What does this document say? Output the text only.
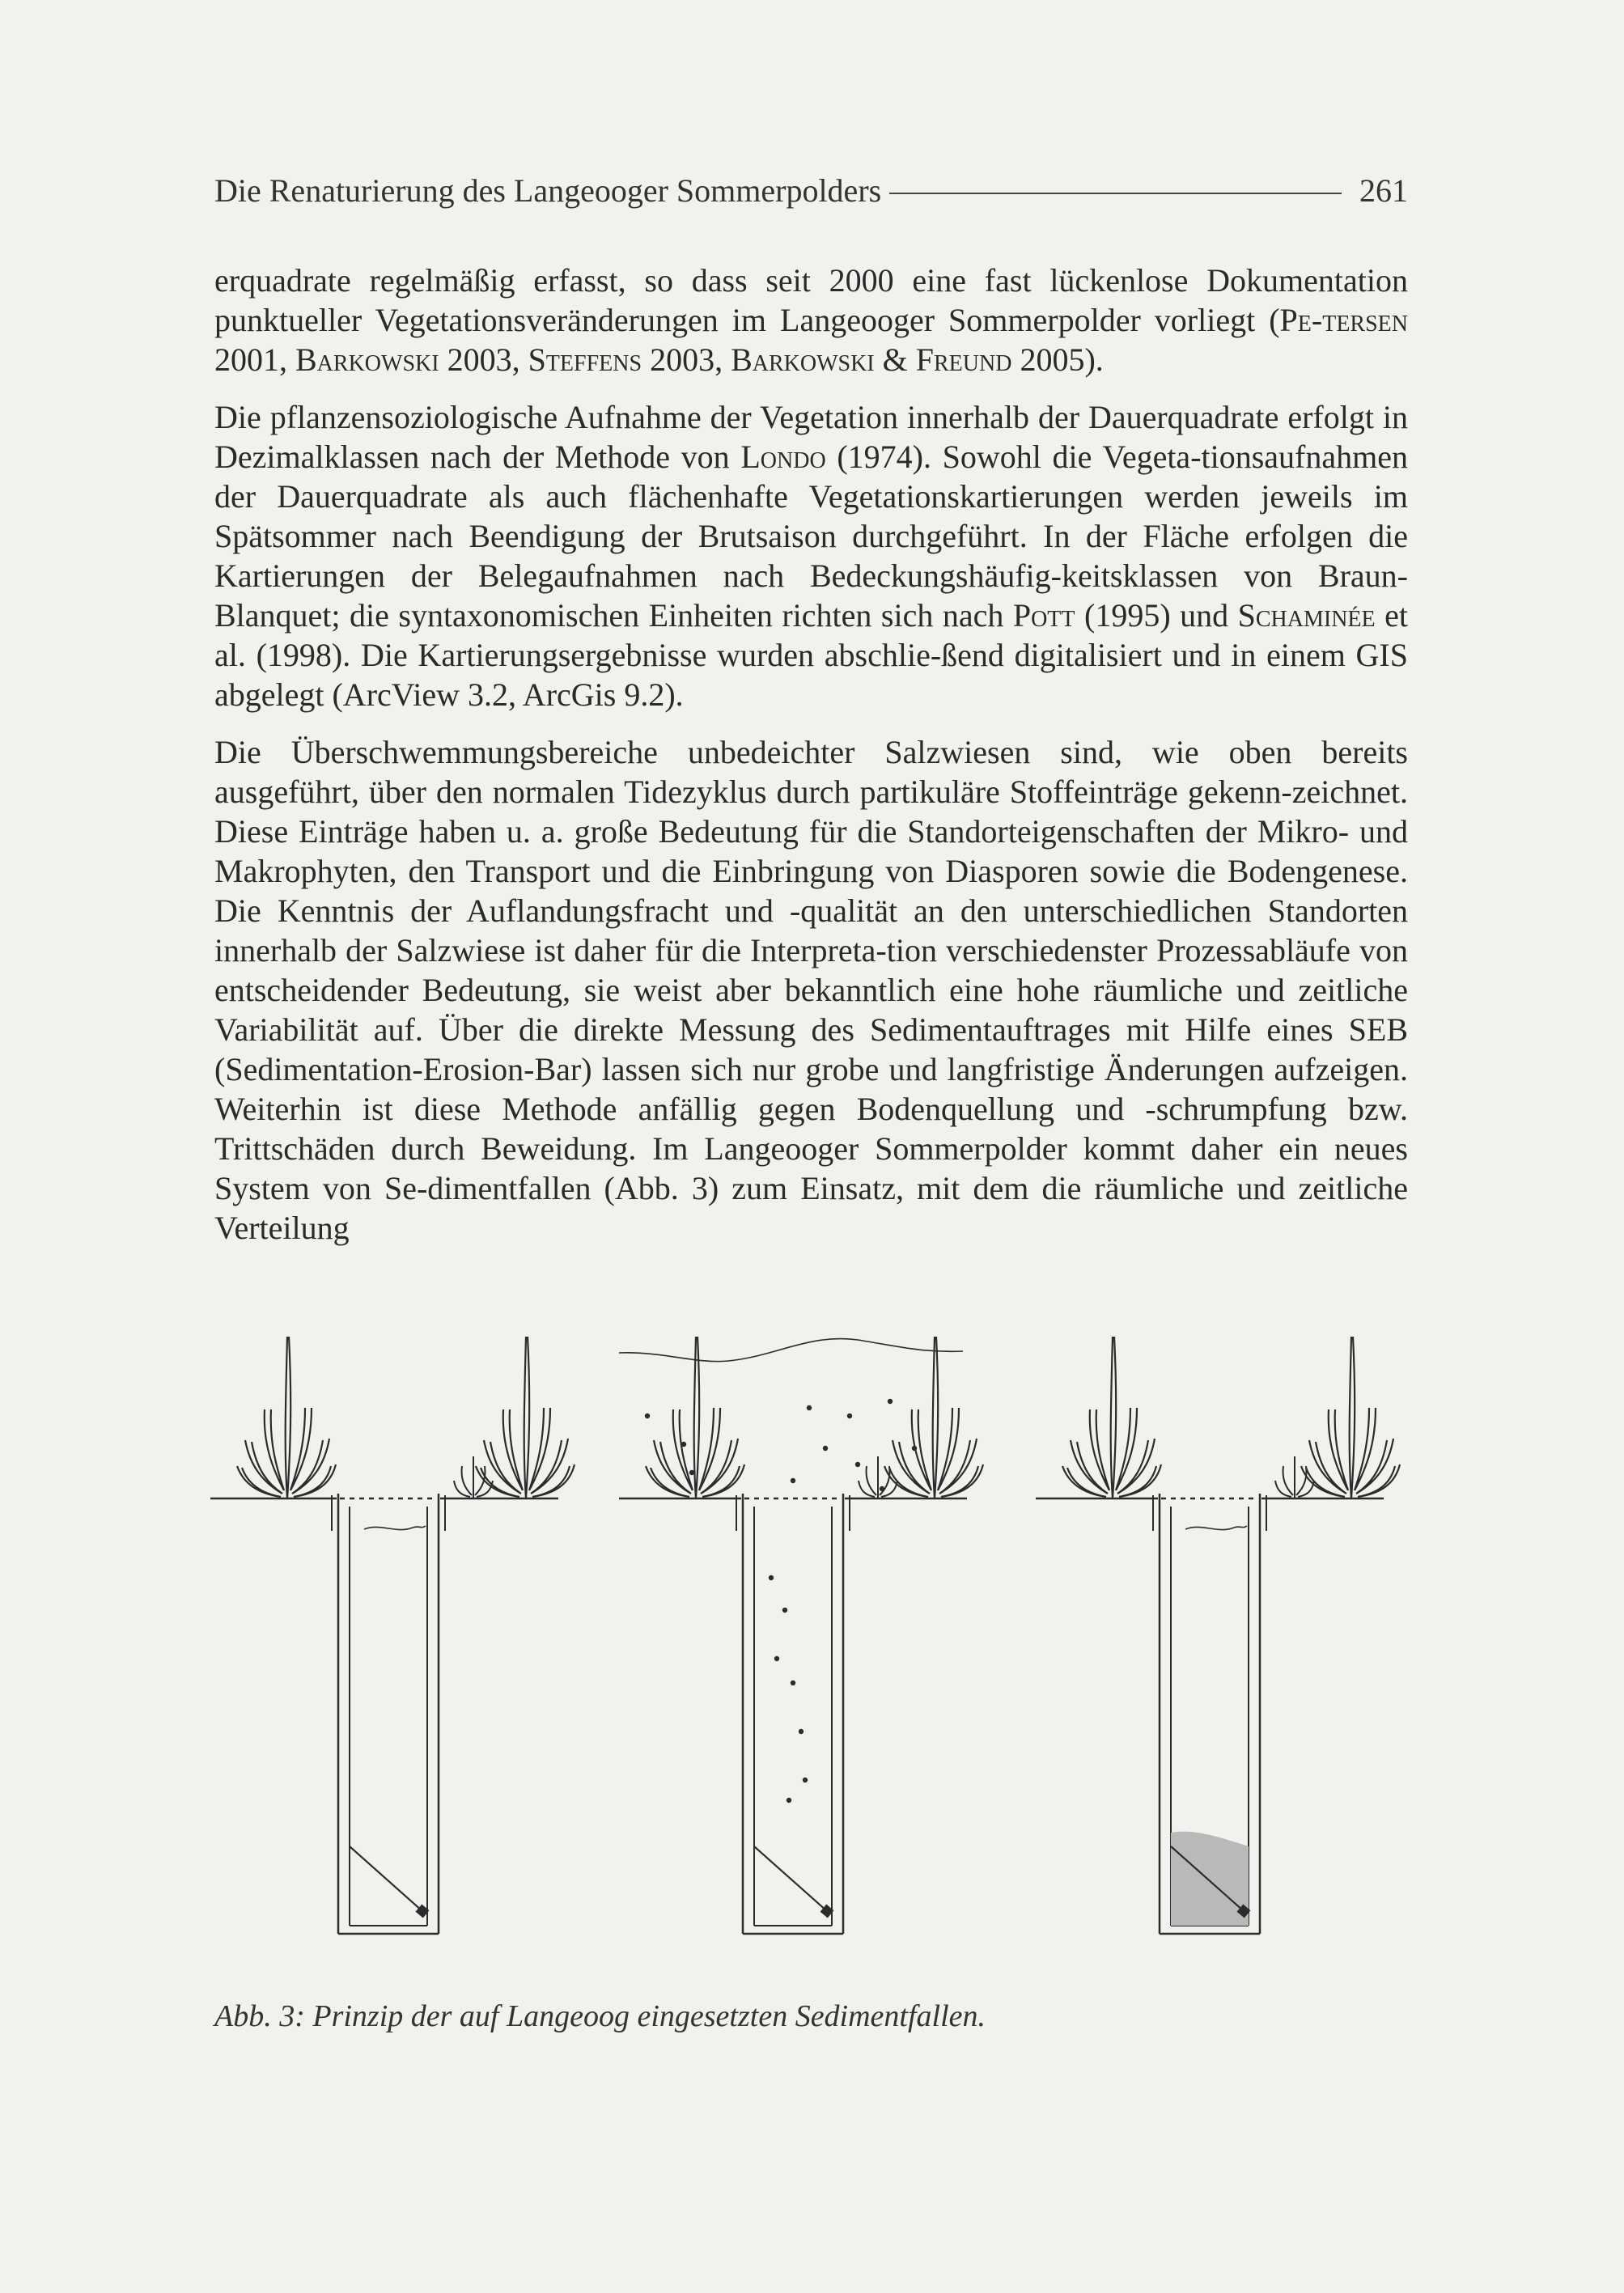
Die Renaturierung des Langeooger Sommerpolders	261

erquadrate regelmäßig erfasst, so dass seit 2000 eine fast lückenlose Dokumentation punktueller Vegetationsveränderungen im Langeooger Sommerpolder vorliegt (Pe-tersen 2001, Barkowski 2003, Steffens 2003, Barkowski & Freund 2005).

Die pflanzensoziologische Aufnahme der Vegetation innerhalb der Dauerquadrate erfolgt in Dezimalklassen nach der Methode von Londo (1974). Sowohl die Vegeta-tionsaufnahmen der Dauerquadrate als auch flächenhafte Vegetationskartierungen werden jeweils im Spätsommer nach Beendigung der Brutsaison durchgeführt. In der Fläche erfolgen die Kartierungen der Belegaufnahmen nach Bedeckungshäufig-keitsklassen von Braun-Blanquet; die syntaxonomischen Einheiten richten sich nach Pott (1995) und Schaminée et al. (1998). Die Kartierungsergebnisse wurden abschlie-ßend digitalisiert und in einem GIS abgelegt (ArcView 3.2, ArcGis 9.2).

Die Überschwemmungsbereiche unbedeichter Salzwiesen sind, wie oben bereits ausgeführt, über den normalen Tidezyklus durch partikuläre Stoffeinträge gekenn-zeichnet. Diese Einträge haben u. a. große Bedeutung für die Standorteigenschaften der Mikro- und Makrophyten, den Transport und die Einbringung von Diasporen sowie die Bodengenese. Die Kenntnis der Auflandungsfracht und -qualität an den unterschiedlichen Standorten innerhalb der Salzwiese ist daher für die Interpreta-tion verschiedenster Prozessabläufe von entscheidender Bedeutung, sie weist aber bekanntlich eine hohe räumliche und zeitliche Variabilität auf. Über die direkte Messung des Sedimentauftrages mit Hilfe eines SEB (Sedimentation-Erosion-Bar) lassen sich nur grobe und langfristige Änderungen aufzeigen. Weiterhin ist diese Methode anfällig gegen Bodenquellung und -schrumpfung bzw. Trittschäden durch Beweidung. Im Langeooger Sommerpolder kommt daher ein neues System von Se-dimentfallen (Abb. 3) zum Einsatz, mit dem die räumliche und zeitliche Verteilung

Abb. 3: Prinzip der auf Langeoog eingesetzten Sedimentfallen.
